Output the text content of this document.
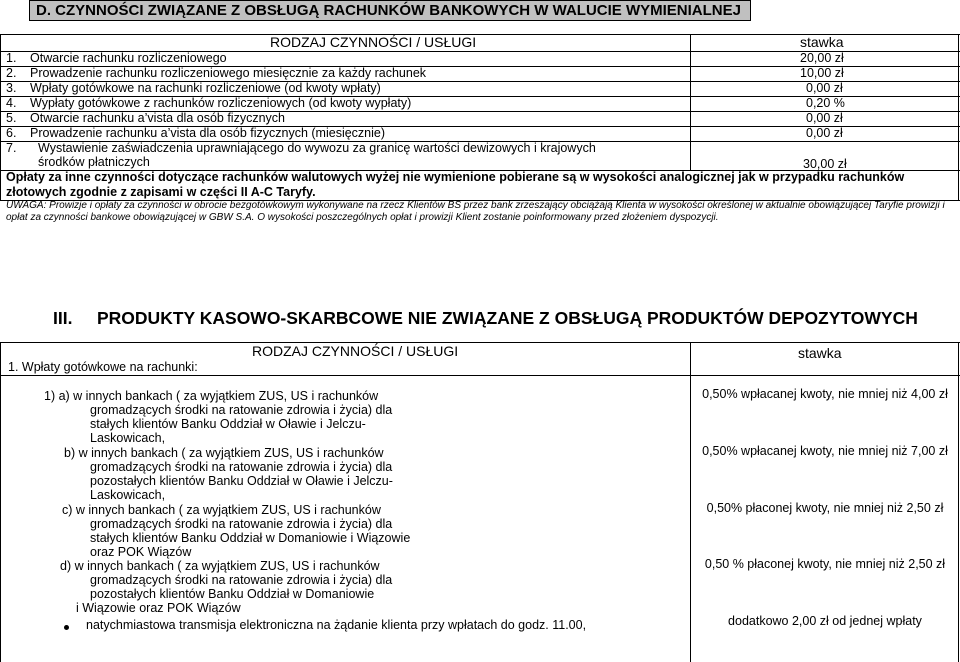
D. CZYNNOŚCI ZWIĄZANE Z OBSŁUGĄ RACHUNKÓW BANKOWYCH W WALUCIE WYMIENIALNEJ
RODZAJ CZYNNOŚCI / USŁUGI	stawka
1. Otwarcie rachunku rozliczeniowego	20,00 zł
2. Prowadzenie rachunku rozliczeniowego miesięcznie za każdy rachunek	10,00 zł
3. Wpłaty gotówkowe na rachunki rozliczeniowe (od kwoty wpłaty)	0,00 zł
4. Wypłaty gotówkowe z rachunków rozliczeniowych (od kwoty wypłaty)	0,20 %
5. Otwarcie rachunku a’vista dla osób fizycznych	0,00 zł
6. Prowadzenie rachunku a’vista dla osób fizycznych (miesięcznie)	0,00 zł
7. Wystawienie zaświadczenia uprawniającego do wywozu za granicę wartości dewizowych i krajowych
środków płatniczych	30,00 zł
Opłaty za inne czynności dotyczące rachunków walutowych wyżej nie wymienione pobierane są w wysokości analogicznej jak w przypadku rachunków
złotowych zgodnie z zapisami w części II A-C Taryfy.
UWAGA: Prowizje i opłaty za czynności w obrocie bezgotówkowym wykonywane na rzecz Klientów BS przez bank zrzeszający obciążają Klienta w wysokości określonej w aktualnie obowiązującej Taryfie prowizji i
opłat za czynności bankowe obowiązującej w GBW S.A. O wysokości poszczególnych opłat i prowizji Klient zostanie poinformowany przed złożeniem dyspozycji.
III. PRODUKTY KASOWO-SKARBCOWE NIE ZWIĄZANE Z OBSŁUGĄ PRODUKTÓW DEPOZYTOWYCH
RODZAJ CZYNNOŚCI / USŁUGI	stawka
1. Wpłaty gotówkowe na rachunki:
1) a) w innych bankach ( za wyjątkiem ZUS, US i rachunków
gromadzących środki na ratowanie zdrowia i życia) dla
stałych klientów Banku Oddział w Oławie i Jelczu-
Laskowicach,
0,50% wpłacanej kwoty, nie mniej niż 4,00 zł
b) w innych bankach ( za wyjątkiem ZUS, US i rachunków
gromadzących środki na ratowanie zdrowia i życia) dla
pozostałych klientów Banku Oddział w Oławie i Jelczu-
Laskowicach,
0,50% wpłacanej kwoty, nie mniej niż 7,00 zł
c) w innych bankach ( za wyjątkiem ZUS, US i rachunków
gromadzących środki na ratowanie zdrowia i życia) dla
stałych klientów Banku Oddział w Domaniowie i Wiązowie
oraz POK Wiązów
0,50% płaconej kwoty, nie mniej niż 2,50 zł
d) w innych bankach ( za wyjątkiem ZUS, US i rachunków
gromadzących środki na ratowanie zdrowia i życia) dla
pozostałych klientów Banku Oddział w Domaniowie
i Wiązowie oraz POK Wiązów
0,50 % płaconej kwoty, nie mniej niż 2,50 zł
natychmiastowa transmisja elektroniczna na żądanie klienta przy wpłatach do godz. 11.00,	dodatkowo 2,00 zł od jednej wpłaty
